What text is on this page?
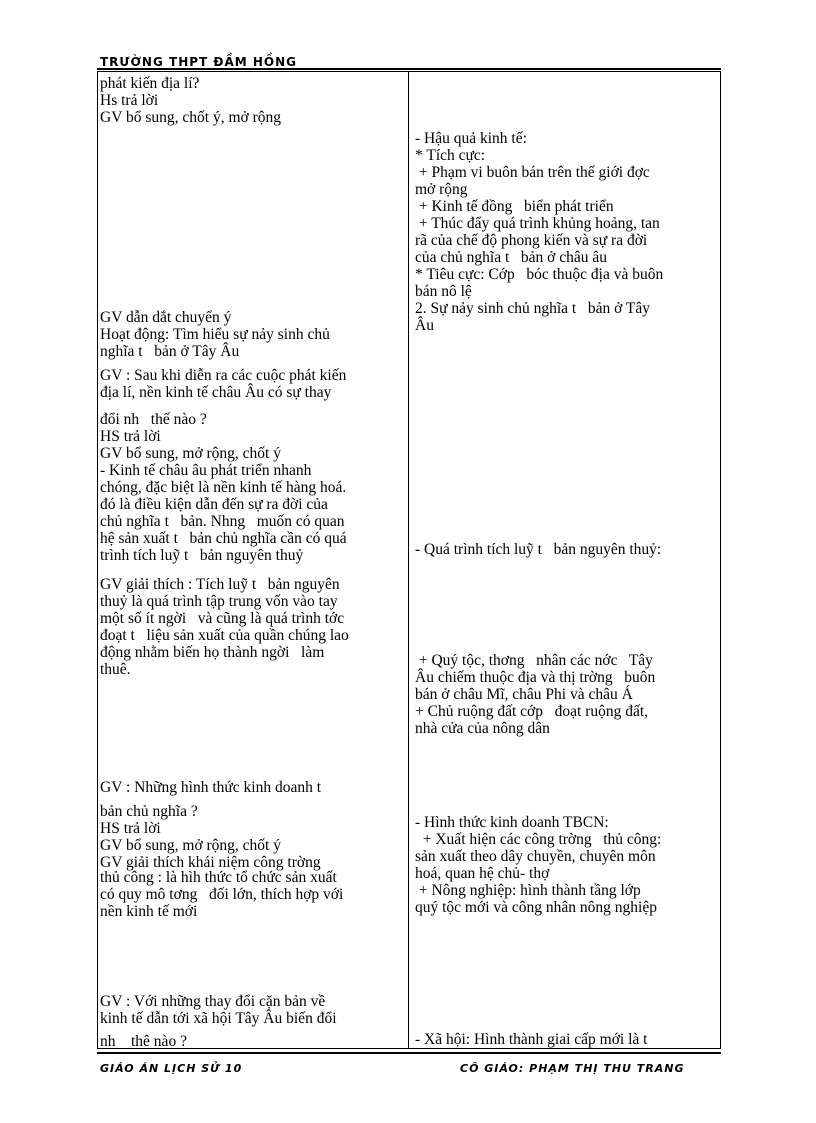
TRƯỜNG THPT ĐẦM HỒNG
phát kiến địa lí?
Hs trả lời
GV bổ sung, chốt ý, mở rộng
GV dẫn dắt chuyển ý
Hoạt động: Tìm hiểu sự nảy sinh chủ
nghĩa t   bản ở Tây Âu
GV : Sau khi diễn ra các cuộc phát kiến
địa lí, nền kinh tế châu Âu có sự thay
đổi nh   thế nào ?
HS trả lời
GV bổ sung, mở rộng, chốt ý
- Kinh tế châu âu phát triển nhanh
chóng, đặc biệt là nền kinh tế hàng hoá.
đó là điều kiện dẫn đến sự ra đời của
chủ nghĩa t   bản. Nhng   muốn có quan
hệ sản xuất t   bản chủ nghĩa cần có quá
trình tích luỹ t   bản nguyên thuỷ
GV giải thích : Tích luỹ t   bản nguyên
thuỷ là quá trình tập trung vốn vào tay
một số ít ngời   và cũng là quá trình tớc
đoạt t   liệu sản xuất của quần chúng lao
động nhằm biến họ thành ngời   làm
thuê.
GV : Những hình thức kinh doanh t
bản chủ nghĩa ?
HS trả lời
GV bổ sung, mở rộng, chốt ý
GV giải thích khái niệm công trờng
thủ công : là hìh thức tổ chức sản xuất
có quy mô tơng   đối lớn, thích hợp với
nền kinh tế mới
GV : Với những thay đổi cặn bản về
kinh tế dẫn tới xã hội Tây Âu biến đổi
nh    thê nào ?
- Hậu quả kinh tế:
* Tích cực:
+ Phạm vi buôn bán trên thế giới đợc
mở rộng
+ Kinh tế đồng   biển phát triển
+ Thúc đẩy quá trình khủng hoảng, tan
rã của chế độ phong kiến và sự ra đời
của chủ nghĩa t   bản ở châu âu
* Tiêu cực: Cớp   bóc thuộc địa và buôn
bán nô lệ
2. Sự nảy sinh chủ nghĩa t   bản ở Tây
Âu
- Quá trình tích luỹ t   bản nguyên thuỷ:
+ Quý tộc, thơng   nhân các nớc   Tây
Âu chiếm thuộc địa và thị trờng   buôn
bán ở châu Mĩ, châu Phi và châu Á
+ Chủ ruộng đất cớp   đoạt ruộng đất,
nhà cửa của nông dân
- Hình thức kinh doanh TBCN:
+ Xuất hiện các công trờng   thủ công:
sản xuất theo dây chuyền, chuyên môn
hoá, quan hệ chủ- thợ
+ Nông nghiệp: hình thành tầng lớp
quý tộc mới và công nhân nông nghiệp
- Xã hội: Hình thành giai cấp mới là t
GIÁO ÁN LỊCH SỬ 10	CÔ GIÁO: PHẠM THỊ THU TRANG
